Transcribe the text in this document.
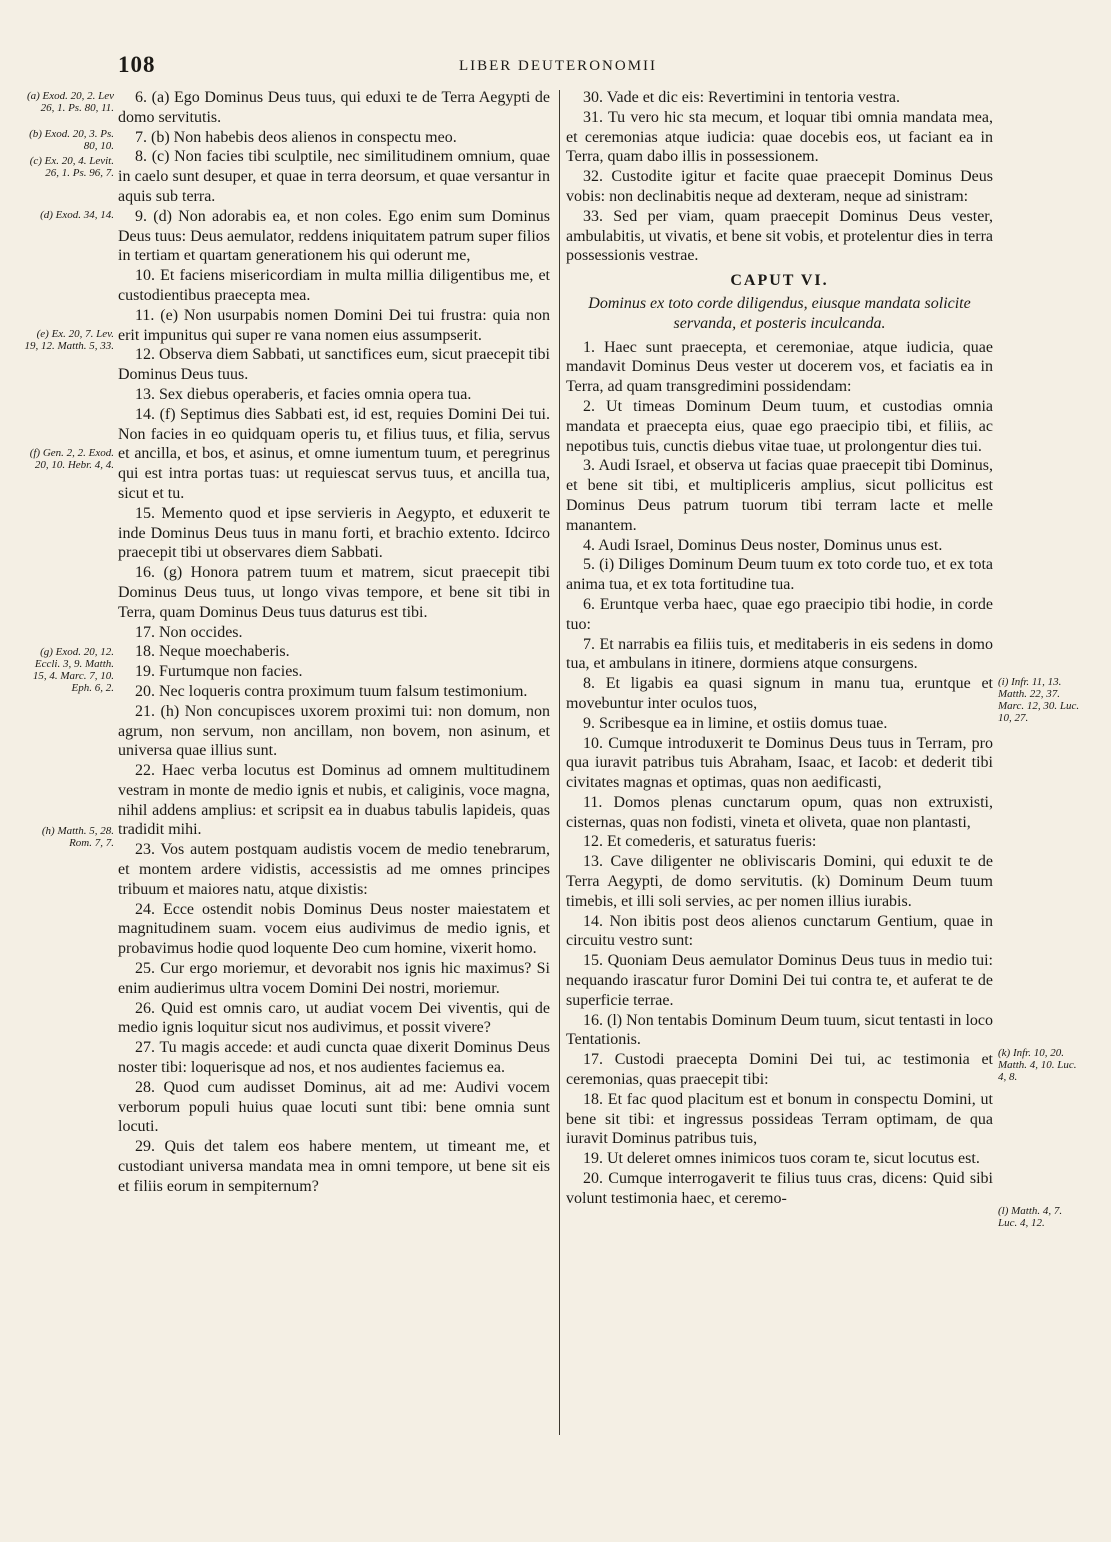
108	LIBER DEUTERONOMII

6. (a) Ego Dominus Deus tuus, qui eduxi te de Terra Aegypti de domo servitutis.

7. (b) Non habebis deos alienos in conspectu meo.

8. (c) Non facies tibi sculptile, nec similitudinem omnium, quae in caelo sunt desuper, et quae in terra deorsum, et quae versantur in aquis sub terra.

9. (d) Non adorabis ea, et non coles. Ego enim sum Dominus Deus tuus: Deus aemulator, reddens iniquitatem patrum super filios in tertiam et quartam generationem his qui oderunt me,

10. Et faciens misericordiam in multa millia diligentibus me, et custodientibus praecepta mea.

11. (e) Non usurpabis nomen Domini Dei tui frustra: quia non erit impunitus qui super re vana nomen eius assumpserit.

12. Observa diem Sabbati, ut sanctifices eum, sicut praecepit tibi Dominus Deus tuus.

13. Sex diebus operaberis, et facies omnia opera tua.

14. (f) Septimus dies Sabbati est, id est, requies Domini Dei tui. Non facies in eo quidquam operis tu, et filius tuus, et filia, servus et ancilla, et bos, et asinus, et omne iumentum tuum, et peregrinus qui est intra portas tuas: ut requiescat servus tuus, et ancilla tua, sicut et tu.

15. Memento quod et ipse servieris in Aegypto, et eduxerit te inde Dominus Deus tuus in manu forti, et brachio extento. Idcirco praecepit tibi ut observares diem Sabbati.

16. (g) Honora patrem tuum et matrem, sicut praecepit tibi Dominus Deus tuus, ut longo vivas tempore, et bene sit tibi in Terra, quam Dominus Deus tuus daturus est tibi.

17. Non occides.

18. Neque moechaberis.

19. Furtumque non facies.

20. Nec loqueris contra proximum tuum falsum testimonium.

21. (h) Non concupisces uxorem proximi tui: non domum, non agrum, non servum, non ancillam, non bovem, non asinum, et universa quae illius sunt.

22. Haec verba locutus est Dominus ad omnem multitudinem vestram in monte de medio ignis et nubis, et caliginis, voce magna, nihil addens amplius: et scripsit ea in duabus tabulis lapideis, quas tradidit mihi.

23. Vos autem postquam audistis vocem de medio tenebrarum, et montem ardere vidistis, accessistis ad me omnes principes tribuum et maiores natu, atque dixistis:

24. Ecce ostendit nobis Dominus Deus noster maiestatem et magnitudinem suam. vocem eius audivimus de medio ignis, et probavimus hodie quod loquente Deo cum homine, vixerit homo.

25. Cur ergo moriemur, et devorabit nos ignis hic maximus? Si enim audierimus ultra vocem Domini Dei nostri, moriemur.

26. Quid est omnis caro, ut audiat vocem Dei viventis, qui de medio ignis loquitur sicut nos audivimus, et possit vivere?

27. Tu magis accede: et audi cuncta quae dixerit Dominus Deus noster tibi: loquerisque ad nos, et nos audientes faciemus ea.

28. Quod cum audisset Dominus, ait ad me: Audivi vocem verborum populi huius quae locuti sunt tibi: bene omnia sunt locuti.

29. Quis det talem eos habere mentem, ut timeant me, et custodiant universa mandata mea in omni tempore, ut bene sit eis et filiis eorum in sempiternum?

30. Vade et dic eis: Revertimini in tentoria vestra.

31. Tu vero hic sta mecum, et loquar tibi omnia mandata mea, et ceremonias atque iudicia: quae docebis eos, ut faciant ea in Terra, quam dabo illis in possessionem.

32. Custodite igitur et facite quae praecepit Dominus Deus vobis: non declinabitis neque ad dexteram, neque ad sinistram:

33. Sed per viam, quam praecepit Dominus Deus vester, ambulabitis, ut vivatis, et bene sit vobis, et protelentur dies in terra possessionis vestrae.

CAPUT VI.
Dominus ex toto corde diligendus, eiusque mandata solicite servanda, et posteris inculcanda.

1. Haec sunt praecepta, et ceremoniae, atque iudicia, quae mandavit Dominus Deus vester ut docerem vos, et faciatis ea in Terra, ad quam transgredimini possidendam:

2. Ut timeas Dominum Deum tuum, et custodias omnia mandata et praecepta eius, quae ego praecipio tibi, et filiis, ac nepotibus tuis, cunctis diebus vitae tuae, ut prolongentur dies tui.

3. Audi Israel, et observa ut facias quae praecepit tibi Dominus, et bene sit tibi, et multipliceris amplius, sicut pollicitus est Dominus Deus patrum tuorum tibi terram lacte et melle manantem.

4. Audi Israel, Dominus Deus noster, Dominus unus est.

5. (i) Diliges Dominum Deum tuum ex toto corde tuo, et ex tota anima tua, et ex tota fortitudine tua.

6. Eruntque verba haec, quae ego praecipio tibi hodie, in corde tuo:

7. Et narrabis ea filiis tuis, et meditaberis in eis sedens in domo tua, et ambulans in itinere, dormiens atque consurgens.

8. Et ligabis ea quasi signum in manu tua, eruntque et movebuntur inter oculos tuos,

9. Scribesque ea in limine, et ostiis domus tuae.

10. Cumque introduxerit te Dominus Deus tuus in Terram, pro qua iuravit patribus tuis Abraham, Isaac, et Iacob: et dederit tibi civitates magnas et optimas, quas non aedificasti,

11. Domos plenas cunctarum opum, quas non extruxisti, cisternas, quas non fodisti, vineta et oliveta, quae non plantasti,

12. Et comederis, et saturatus fueris:

13. Cave diligenter ne obliviscaris Domini, qui eduxit te de Terra Aegypti, de domo servitutis. (k) Dominum Deum tuum timebis, et illi soli servies, ac per nomen illius iurabis.

14. Non ibitis post deos alienos cunctarum Gentium, quae in circuitu vestro sunt:

15. Quoniam Deus aemulator Dominus Deus tuus in medio tui: nequando irascatur furor Domini Dei tui contra te, et auferat te de superficie terrae.

16. (l) Non tentabis Dominum Deum tuum, sicut tentasti in loco Tentationis.

17. Custodi praecepta Domini Dei tui, ac testimonia et ceremonias, quas praecepit tibi:

18. Et fac quod placitum est et bonum in conspectu Domini, ut bene sit tibi: et ingressus possideas Terram optimam, de qua iuravit Dominus patribus tuis,

19. Ut deleret omnes inimicos tuos coram te, sicut locutus est.

20. Cumque interrogaverit te filius tuus cras, dicens: Quid sibi volunt testimonia haec, et ceremo-

(a) Exod. 20, 2. Lev 26, 1. Ps. 80, 11.
(b) Exod. 20, 3. Ps. 80, 10.
(c) Ex. 20, 4. Levit. 26, 1. Ps. 96, 7.
(d) Exod. 34, 14.
(e) Ex. 20, 7. Lev. 19, 12. Matth. 5, 33.
(f) Gen. 2, 2. Exod. 20, 10. Hebr. 4, 4.
(g) Exod. 20, 12. Eccli. 3, 9. Matth. 15, 4. Marc. 7, 10. Eph. 6, 2.
(h) Matth. 5, 28. Rom. 7, 7.
(i) Infr. 11, 13. Matth. 22, 37. Marc. 12, 30. Luc. 10, 27.
(k) Infr. 10, 20. Matth. 4, 10. Luc. 4, 8.
(l) Matth. 4, 7. Luc. 4, 12.
